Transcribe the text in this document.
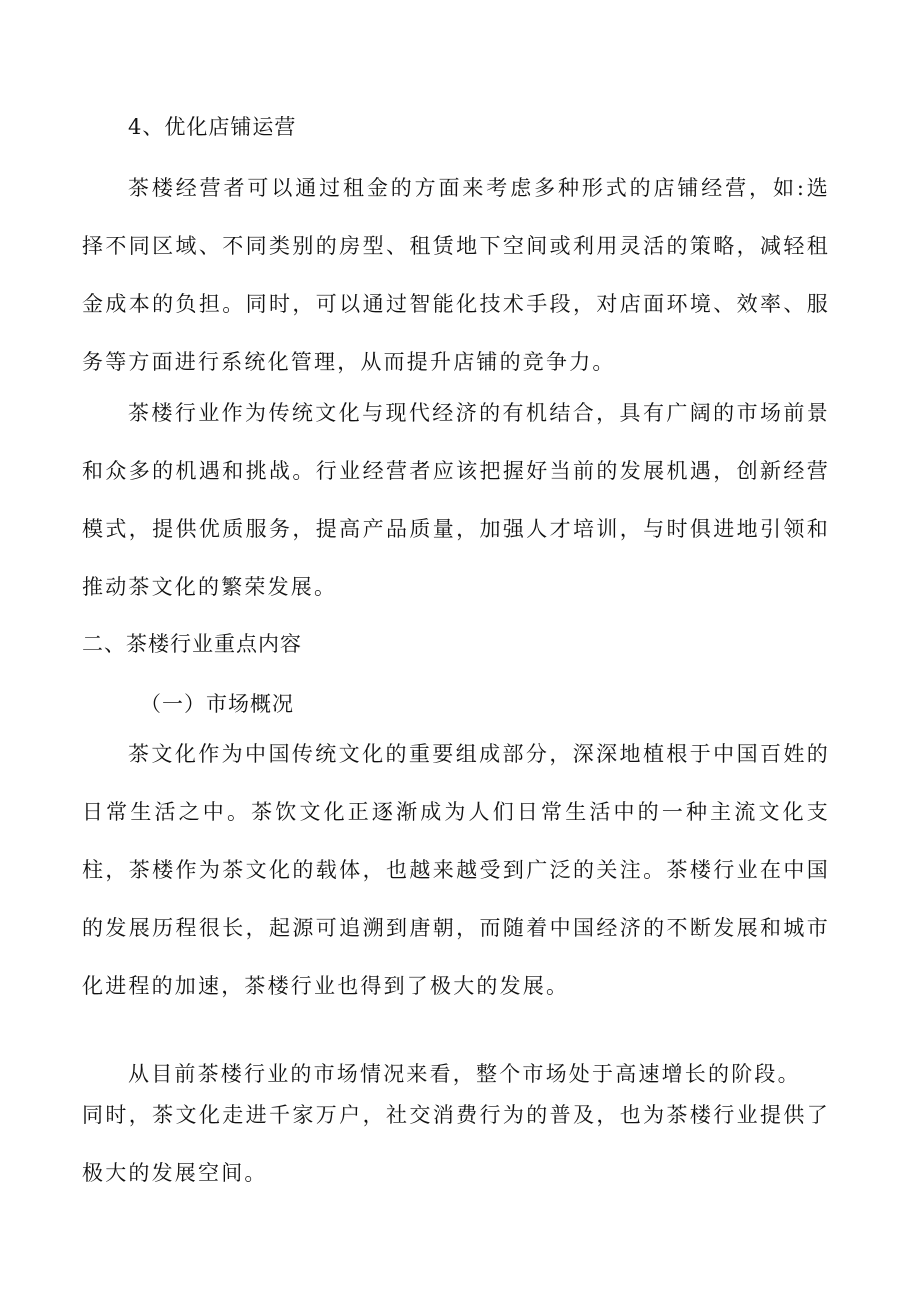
4、优化店铺运营

茶楼经营者可以通过租金的方面来考虑多种形式的店铺经营，如:选择不同区域、不同类别的房型、租赁地下空间或利用灵活的策略，减轻租金成本的负担。同时，可以通过智能化技术手段，对店面环境、效率、服务等方面进行系统化管理，从而提升店铺的竞争力。

茶楼行业作为传统文化与现代经济的有机结合，具有广阔的市场前景和众多的机遇和挑战。行业经营者应该把握好当前的发展机遇，创新经营模式，提供优质服务，提高产品质量，加强人才培训，与时俱进地引领和推动茶文化的繁荣发展。

二、茶楼行业重点内容
（一）市场概况

茶文化作为中国传统文化的重要组成部分，深深地植根于中国百姓的日常生活之中。茶饮文化正逐渐成为人们日常生活中的一种主流文化支柱，茶楼作为茶文化的载体，也越来越受到广泛的关注。茶楼行业在中国的发展历程很长，起源可追溯到唐朝，而随着中国经济的不断发展和城市化进程的加速，茶楼行业也得到了极大的发展。

从目前茶楼行业的市场情况来看，整个市场处于高速增长的阶段。

同时，茶文化走进千家万户，社交消费行为的普及，也为茶楼行业提供了极大的发展空间。
